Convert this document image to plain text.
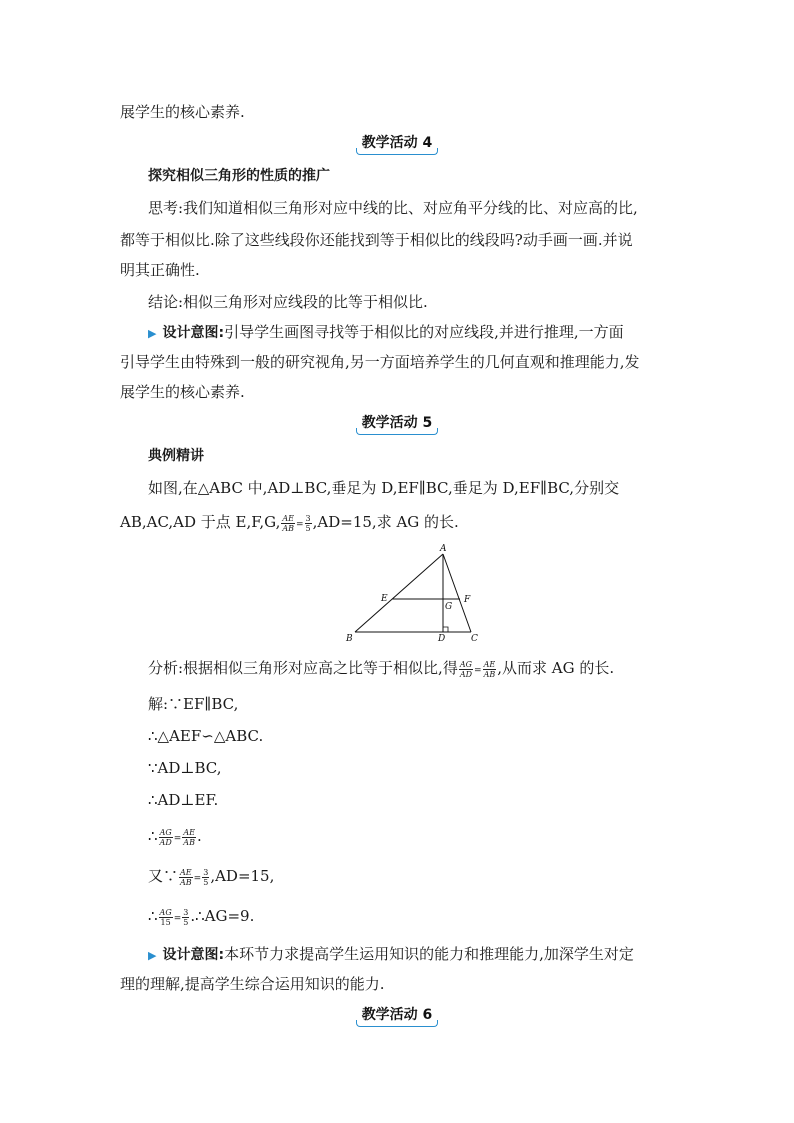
展学生的核心素养.
教学活动 4
探究相似三角形的性质的推广
思考:我们知道相似三角形对应中线的比、对应角平分线的比、对应高的比,
都等于相似比.除了这些线段你还能找到等于相似比的线段吗?动手画一画.并说
明其正确性.
结论:相似三角形对应线段的比等于相似比.
▶ 设计意图:引导学生画图寻找等于相似比的对应线段,并进行推理,一方面
引导学生由特殊到一般的研究视角,另一方面培养学生的几何直观和推理能力,发
展学生的核心素养.
教学活动 5
典例精讲
如图,在△ABC 中,AD⊥BC,垂足为 D,EF∥BC,垂足为 D,EF∥BC,分别交
AB,AC,AD 于点 E,F,G, $\frac{AE}{AB} = \frac{3}{5} ,AD=15$,求 AG 的长.
A
B	C
D
E	F
G
分析:根据相似三角形对应高之比等于相似比,得 $\frac{AG}{AD} = \frac{AE}{AB}$ ,从而求 AG 的长.
解:∵EF∥BC,
∴△AEF∽△ABC.
∵AD⊥BC,
∴AD⊥EF.
∴ $\frac{AG}{AD} = \frac{AE}{AB}$ .
又∵ $\frac{AE}{AB} = \frac{3}{5} ,AD=15$,
∴ $\frac{AG}{15} = \frac{3}{5}$ .∴AG=9.
▶ 设计意图:本环节力求提高学生运用知识的能力和推理能力,加深学生对定
理的理解,提高学生综合运用知识的能力.
教学活动 6
